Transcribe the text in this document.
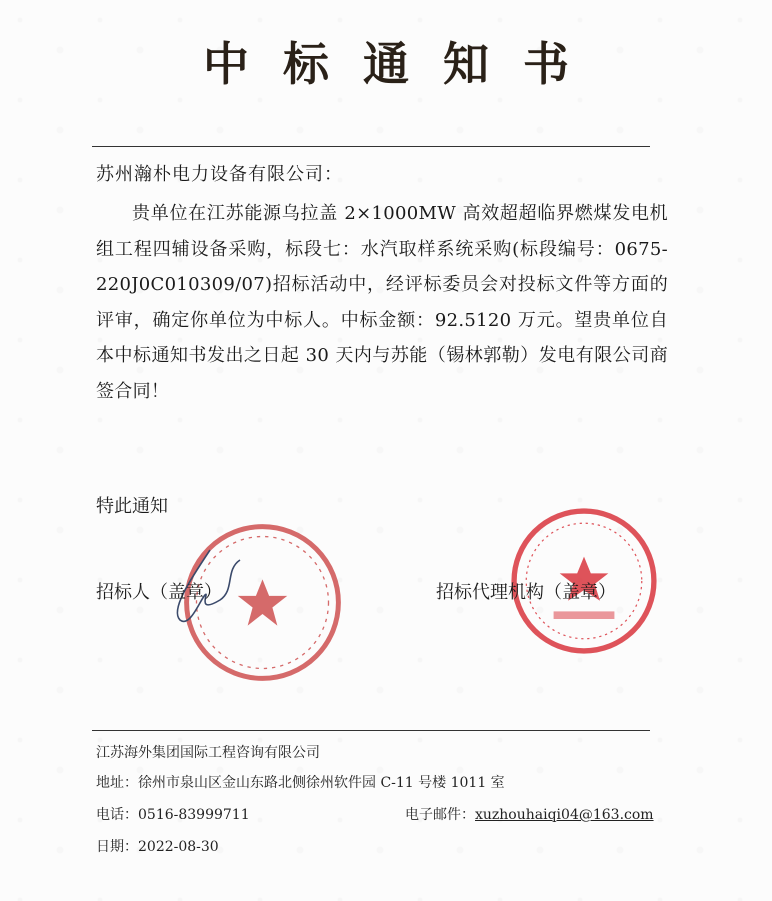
中标通知书
苏州瀚朴电力设备有限公司：
贵单位在江苏能源乌拉盖 2×1000MW 高效超超临界燃煤发电机组工程四辅设备采购，标段七：水汽取样系统采购(标段编号：0675-220J0C010309/07)招标活动中，经评标委员会对投标文件等方面的评审，确定你单位为中标人。中标金额：92.5120 万元。望贵单位自本中标通知书发出之日起 30 天内与苏能（锡林郭勒）发电有限公司商签合同！
特此通知
招标人（盖章）	招标代理机构（盖章）
江苏海外集团国际工程咨询有限公司
地址：徐州市泉山区金山东路北侧徐州软件园 C-11 号楼 1011 室
电话：0516-83999711	电子邮件：xuzhouhaiqi04@163.com
日期：2022-08-30
